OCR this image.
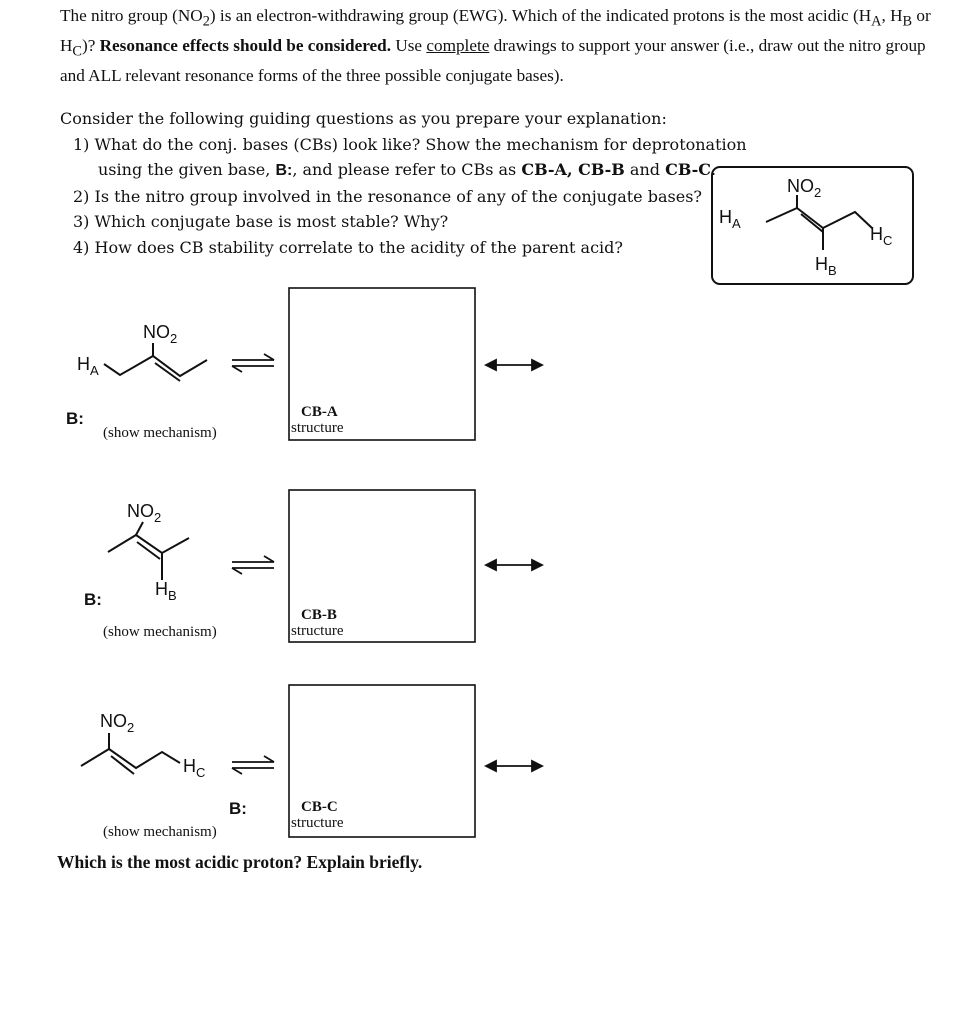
The nitro group $(NO_2)$ is an electron-withdrawing group (EWG). Which of the indicated protons is the most acidic ($H_A$, $H_B$ or $H_C$)? Resonance effects should be considered. Use complete drawings to support your answer (i.e., draw out the nitro group and ALL relevant resonance forms of the three possible conjugate bases).
Consider the following guiding questions as you prepare your explanation:
1) What do the conj. bases (CBs) look like? Show the mechanism for deprotonation
using the given base, B:, and please refer to CBs as CB-A, CB-B and CB-C.
2) Is the nitro group involved in the resonance of any of the conjugate bases?
3) Which conjugate base is most stable? Why?
4) How does CB stability correlate to the acidity of the parent acid?
$NO_2$
$H_A$
$H_C$
$H_B$
$NO_2$
$H_A$
$NO_2$
$H_B$
$NO_2$
$H_C$
B:
(show mechanism)
CB-A
structure
B:
(show mechanism)
CB-B
structure
B:
(show mechanism)
CB-C
structure
Which is the most acidic proton? Explain briefly.
